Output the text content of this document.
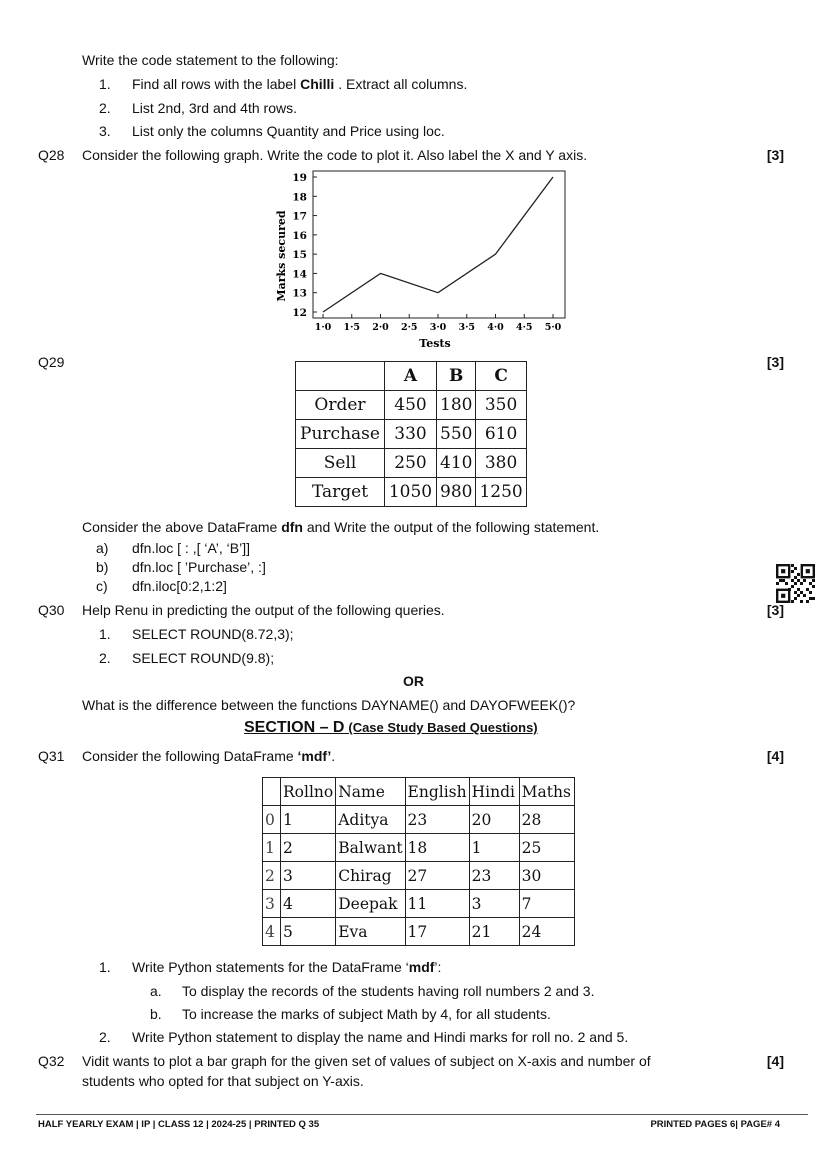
Write the code statement to the following:
1. Find all rows with the label Chilli . Extract all columns.
2. List 2nd, 3rd and 4th rows.
3. List only the columns Quantity and Price using loc.
Q28 Consider the following graph. Write the code to plot it. Also label the X and Y axis.	[3]
12
13
14
15
16
17
18
19
1·0 1·5 2·0 2·5 3·0 3·5 4·0 4·5 5·0
Tests
Marks secured
Q29	[3]
	A	B	C
Order	450	180	350
Purchase	330	550	610
Sell	250	410	380
Target	1050	980	1250
Consider the above DataFrame dfn and Write the output of the following statement.
a) dfn.loc [ : ,[ ‘A’, ‘B’]]
b) dfn.loc [ ’Purchase’, :]
c) dfn.iloc[0:2,1:2]
Q30 Help Renu in predicting the output of the following queries.	[3]
1. SELECT ROUND(8.72,3);
2. SELECT ROUND(9.8);
OR
What is the difference between the functions DAYNAME() and DAYOFWEEK()?
SECTION – D (Case Study Based Questions)
Q31 Consider the following DataFrame ‘mdf’.	[4]
	Rollno	Name	English	Hindi	Maths
0	1	Aditya	23	20	28
1	2	Balwant	18	1	25
2	3	Chirag	27	23	30
3	4	Deepak	11	3	7
4	5	Eva	17	21	24
1. Write Python statements for the DataFrame ‘mdf’:
a. To display the records of the students having roll numbers 2 and 3.
b. To increase the marks of subject Math by 4, for all students.
2. Write Python statement to display the name and Hindi marks for roll no. 2 and 5.
Q32 Vidit wants to plot a bar graph for the given set of values of subject on X-axis and number of
students who opted for that subject on Y-axis.
[4]
HALF YEARLY EXAM | IP | CLASS 12 | 2024-25 | PRINTED Q 35	PRINTED PAGES 6| PAGE# 4
